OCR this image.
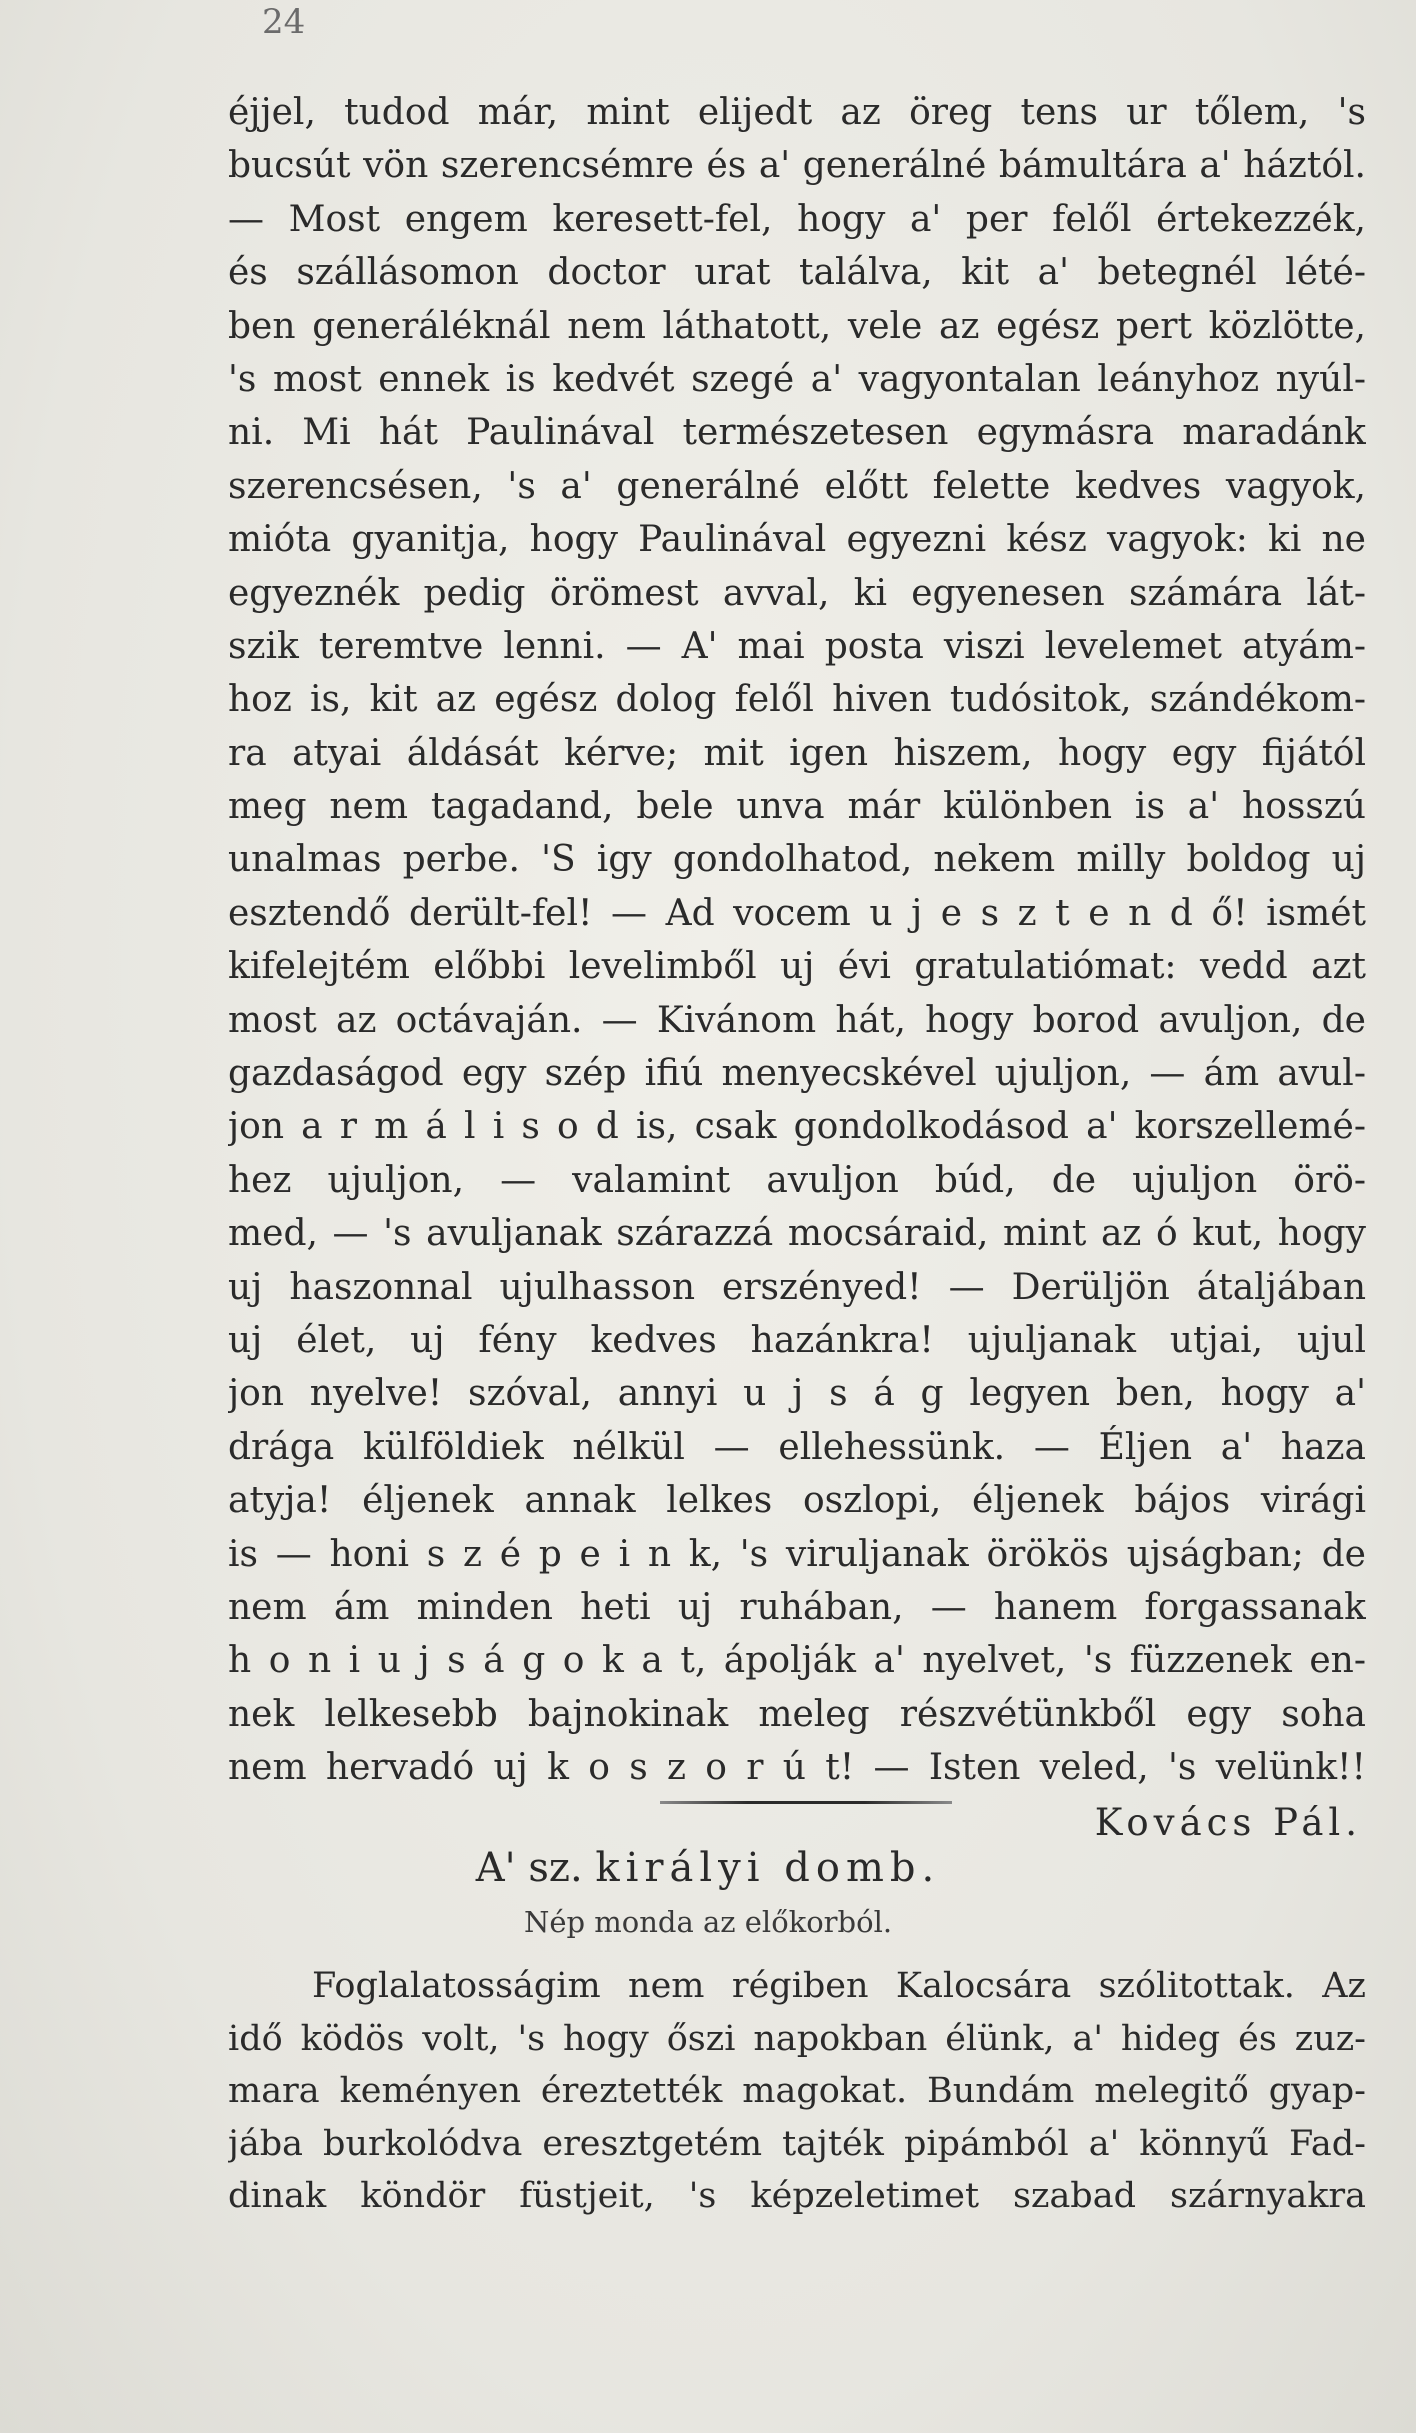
24
éjjel, tudod már, mint elijedt az öreg tens ur tőlem, 's
bucsút vön szerencsémre és a' generálné bámultára a' háztól.
— Most engem keresett-fel, hogy a' per felől értekezzék,
és szállásomon doctor urat találva, kit a' betegnél lété-
ben generáléknál nem láthatott, vele az egész pert közlötte,
's most ennek is kedvét szegé a' vagyontalan leányhoz nyúl-
ni. Mi hát Paulinával természetesen egymásra maradánk
szerencsésen, 's a' generálné előtt felette kedves vagyok,
mióta gyanitja, hogy Paulinával egyezni kész vagyok: ki ne
egyeznék pedig örömest avval, ki egyenesen számára lát-
szik teremtve lenni. — A' mai posta viszi levelemet atyám-
hoz is, kit az egész dolog felől hiven tudósitok, szándékom-
ra atyai áldását kérve; mit igen hiszem, hogy egy fijától
meg nem tagadand, bele unva már különben is a' hosszú
unalmas perbe. 'S igy gondolhatod, nekem milly boldog uj
esztendő derült-fel! — Ad vocem u j e s z t e n d ő! ismét
kifelejtém előbbi levelimből uj évi gratulatiómat: vedd azt
most az octávaján. — Kivánom hát, hogy borod avuljon, de
gazdaságod egy szép ifiú menyecskével ujuljon, — ám avul-
jon a r m á l i s o d is, csak gondolkodásod a' korszellemé-
hez ujuljon, — valamint avuljon búd, de ujuljon örö-
med, — 's avuljanak szárazzá mocsáraid, mint az ó kut, hogy
uj haszonnal ujulhasson erszényed! — Derüljön átaljában
uj élet, uj fény kedves hazánkra! ujuljanak utjai, ujul
jon nyelve! szóval, annyi u j s á g legyen ben, hogy a'
drága külföldiek nélkül — ellehessünk. — Éljen a' haza
atyja! éljenek annak lelkes oszlopi, éljenek bájos virági
is — honi s z é p e i n k, 's viruljanak örökös ujságban; de
nem ám minden heti uj ruhában, — hanem forgassanak
h o n i u j s á g o k a t, ápolják a' nyelvet, 's füzzenek en-
nek lelkesebb bajnokinak meleg részvétünkből egy soha
nem hervadó uj k o s z o r ú t! — Isten veled, 's velünk!!
Kovács Pál.
A' sz. királyi domb.
Nép monda az előkorból.
Foglalatosságim nem régiben Kalocsára szólitottak. Az
idő ködös volt, 's hogy őszi napokban élünk, a' hideg és zuz-
mara keményen éreztették magokat. Bundám melegitő gyap-
jába burkolódva eresztgetém tajték pipámból a' könnyű Fad-
dinak köndör füstjeit, 's képzeletimet szabad szárnyakra
